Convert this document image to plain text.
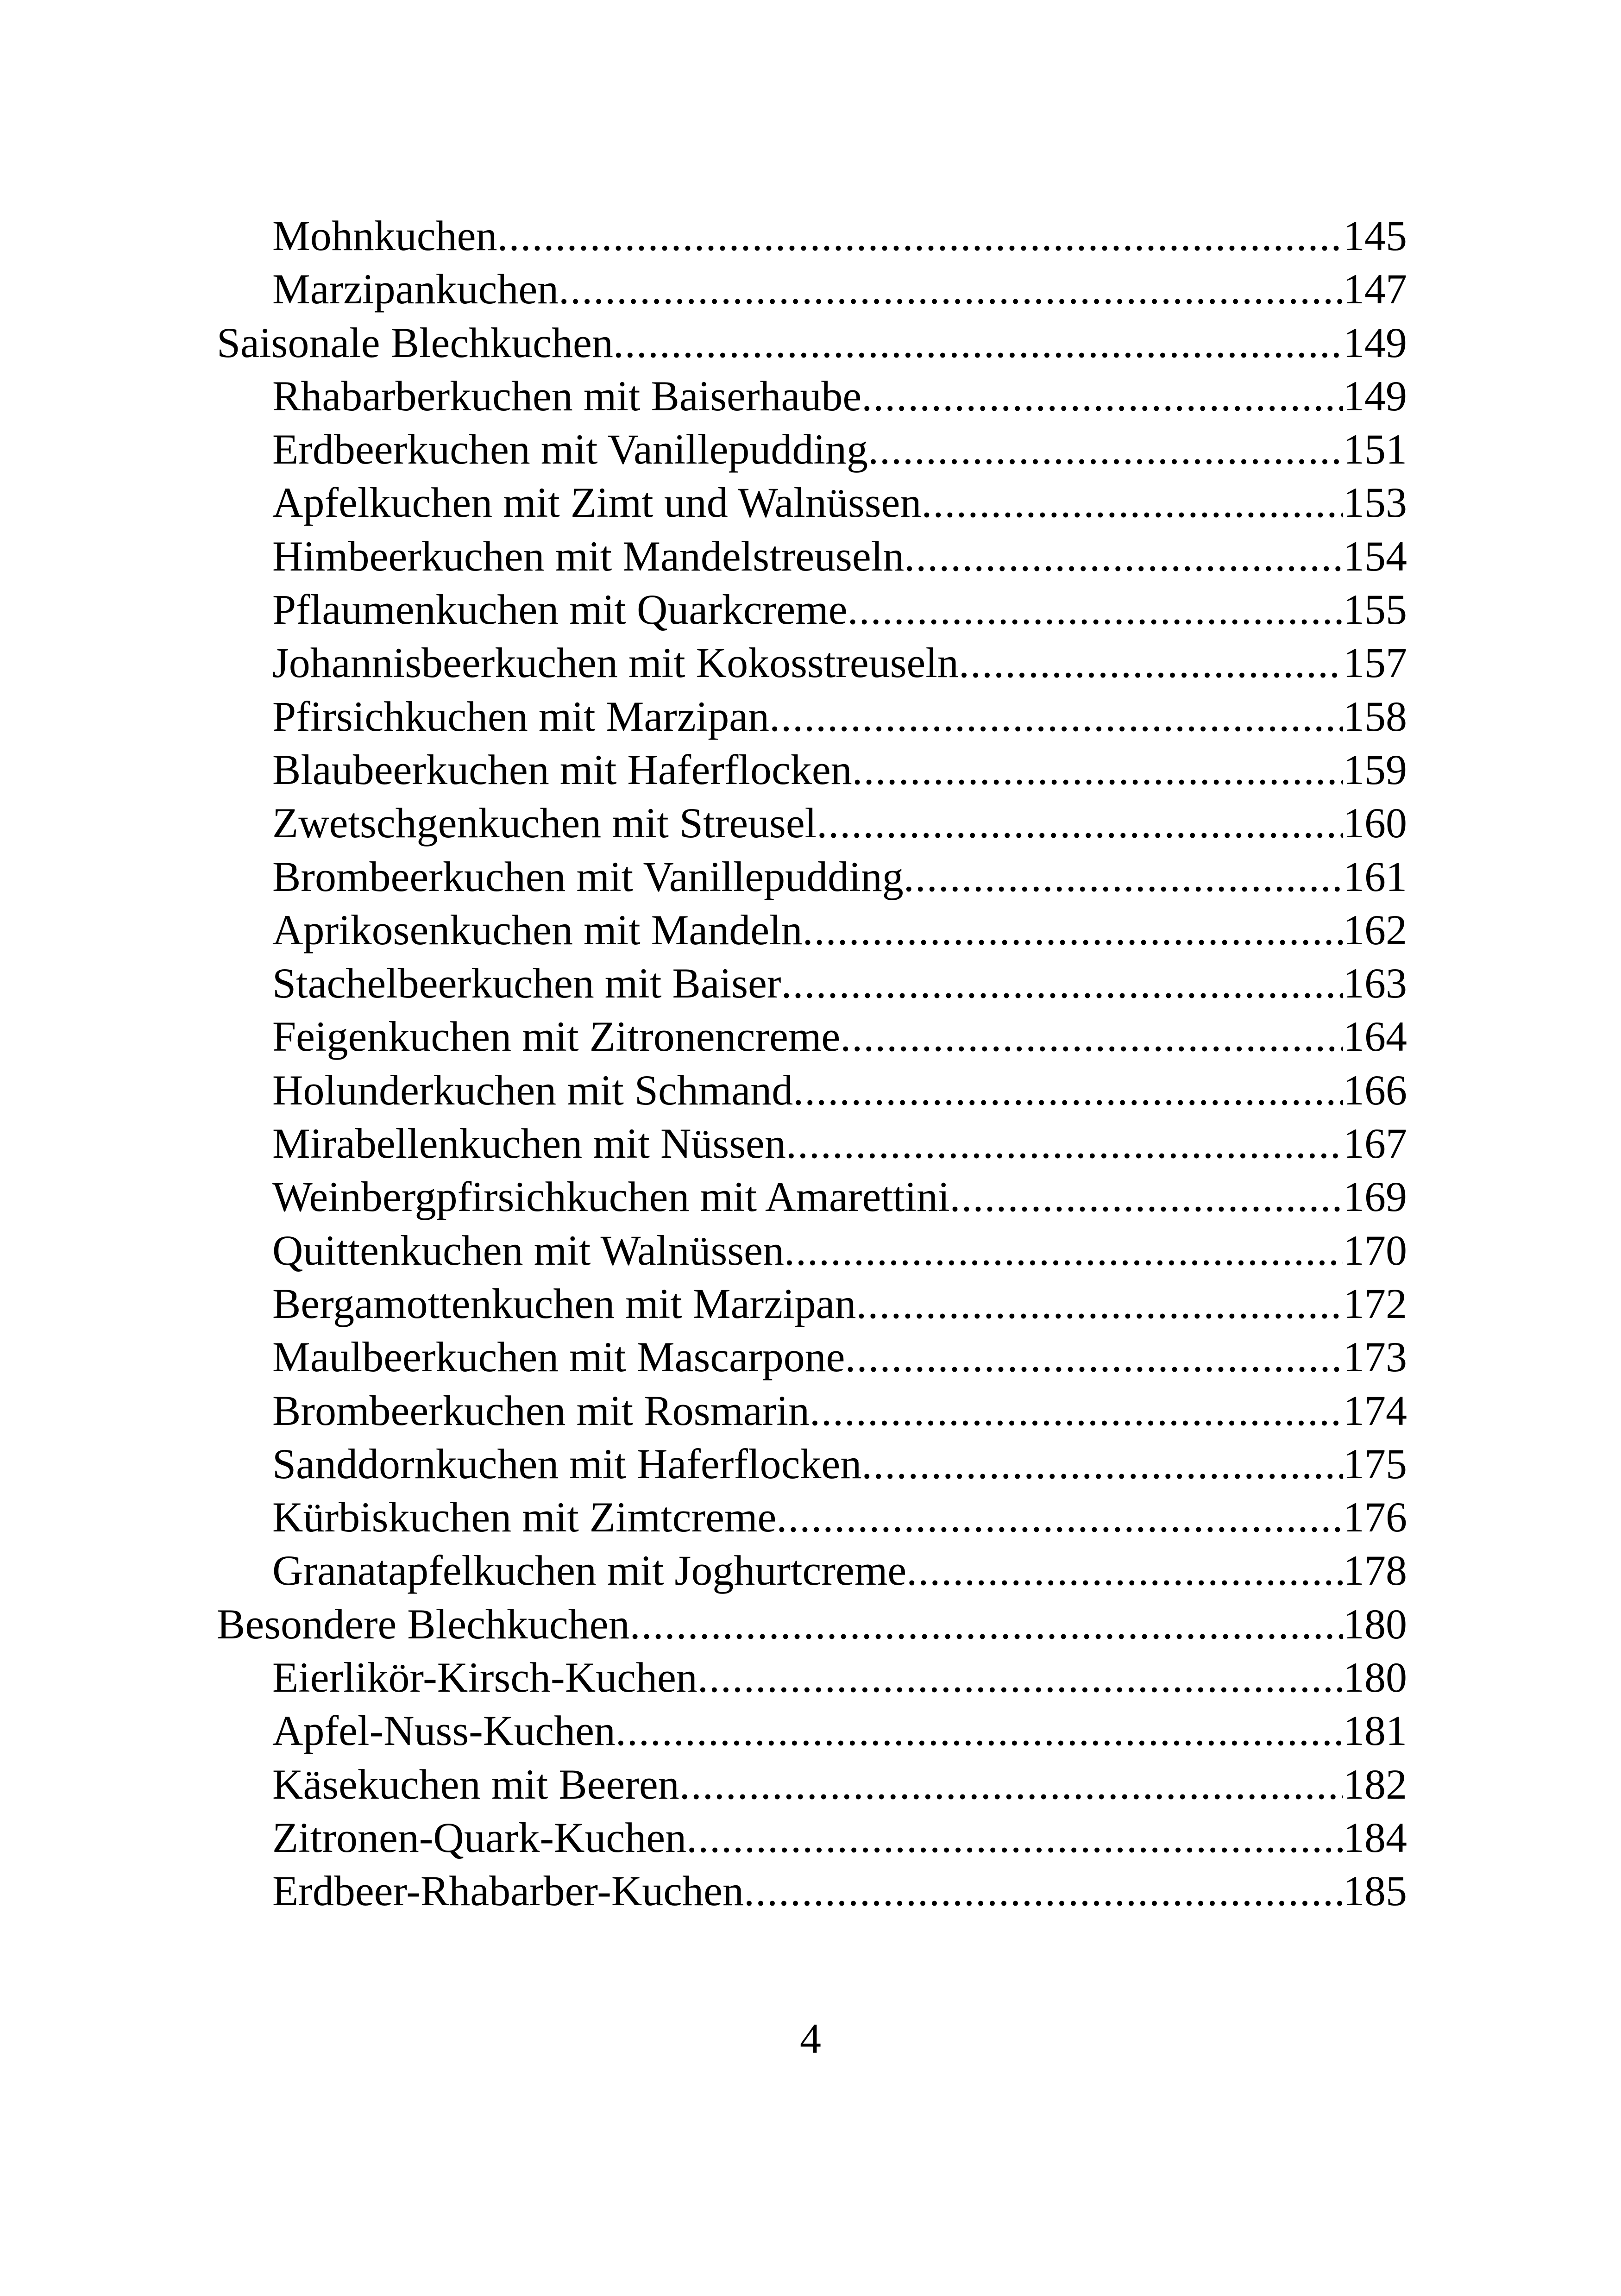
Mohnkuchen .....	145
Marzipankuchen .....	147
Saisonale Blechkuchen .....	149
Rhabarberkuchen mit Baiserhaube .....	149
Erdbeerkuchen mit Vanillepudding .....	151
Apfelkuchen mit Zimt und Walnüssen .....	153
Himbeerkuchen mit Mandelstreuseln .....	154
Pflaumenkuchen mit Quarkcreme .....	155
Johannisbeerkuchen mit Kokosstreuseln .....	157
Pfirsichkuchen mit Marzipan .....	158
Blaubeerkuchen mit Haferflocken .....	159
Zwetschgenkuchen mit Streusel .....	160
Brombeerkuchen mit Vanillepudding .....	161
Aprikosenkuchen mit Mandeln .....	162
Stachelbeerkuchen mit Baiser .....	163
Feigenkuchen mit Zitronencreme .....	164
Holunderkuchen mit Schmand .....	166
Mirabellenkuchen mit Nüssen .....	167
Weinbergpfirsichkuchen mit Amarettini .....	169
Quittenkuchen mit Walnüssen .....	170
Bergamottenkuchen mit Marzipan .....	172
Maulbeerkuchen mit Mascarpone .....	173
Brombeerkuchen mit Rosmarin .....	174
Sanddornkuchen mit Haferflocken .....	175
Kürbiskuchen mit Zimtcreme .....	176
Granatapfelkuchen mit Joghurtcreme .....	178
Besondere Blechkuchen .....	180
Eierlikör-Kirsch-Kuchen .....	180
Apfel-Nuss-Kuchen .....	181
Käsekuchen mit Beeren .....	182
Zitronen-Quark-Kuchen .....	184
Erdbeer-Rhabarber-Kuchen .....	185
4
